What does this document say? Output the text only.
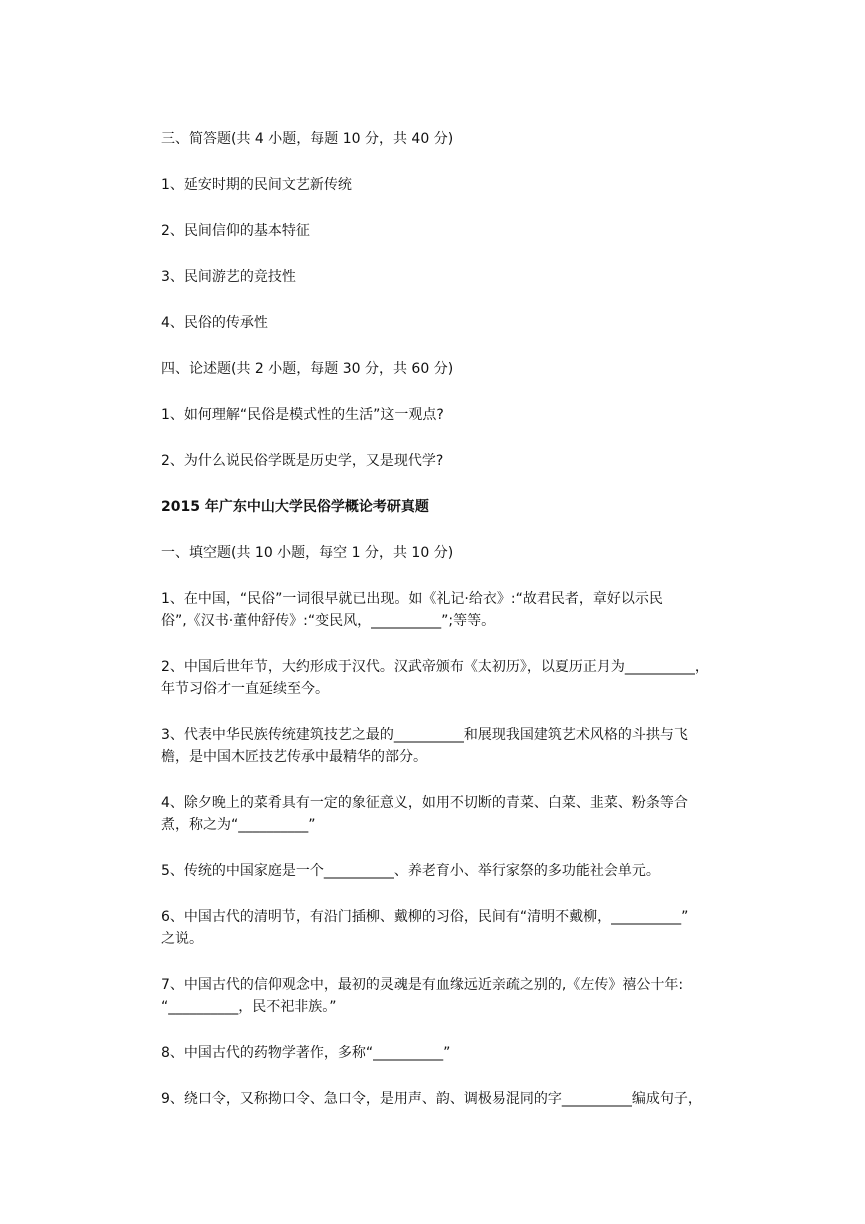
三、简答题(共 4 小题，每题 10 分，共 40 分)
1、延安时期的民间文艺新传统
2、民间信仰的基本特征
3、民间游艺的竞技性
4、民俗的传承性
四、论述题(共 2 小题，每题 30 分，共 60 分)
1、如何理解“民俗是模式性的生活”这一观点?
2、为什么说民俗学既是历史学，又是现代学?
2015 年广东中山大学民俗学概论考研真题
一、填空题(共 10 小题，每空 1 分，共 10 分)
1、在中国，“民俗”一词很早就已出现。如《礼记·给衣》:“故君民者，章好以示民
俗”,《汉书·董仲舒传》:“变民风，__________”;等等。
2、中国后世年节，大约形成于汉代。汉武帝颁布《太初历》，以夏历正月为__________，
年节习俗才一直延续至今。
3、代表中华民族传统建筑技艺之最的__________和展现我国建筑艺术风格的斗拱与飞
檐，是中国木匠技艺传承中最精华的部分。
4、除夕晚上的菜肴具有一定的象征意义，如用不切断的青菜、白菜、韭菜、粉条等合
煮，称之为“__________”
5、传统的中国家庭是一个__________、养老育小、举行家祭的多功能社会单元。
6、中国古代的清明节，有沿门插柳、戴柳的习俗，民间有“清明不戴柳，__________”
之说。
7、中国古代的信仰观念中，最初的灵魂是有血缘远近亲疏之别的,《左传》禧公十年:
“__________，民不祀非族。”
8、中国古代的药物学著作，多称“__________”
9、绕口令，又称拗口令、急口令，是用声、韵、调极易混同的字__________编成句子，
